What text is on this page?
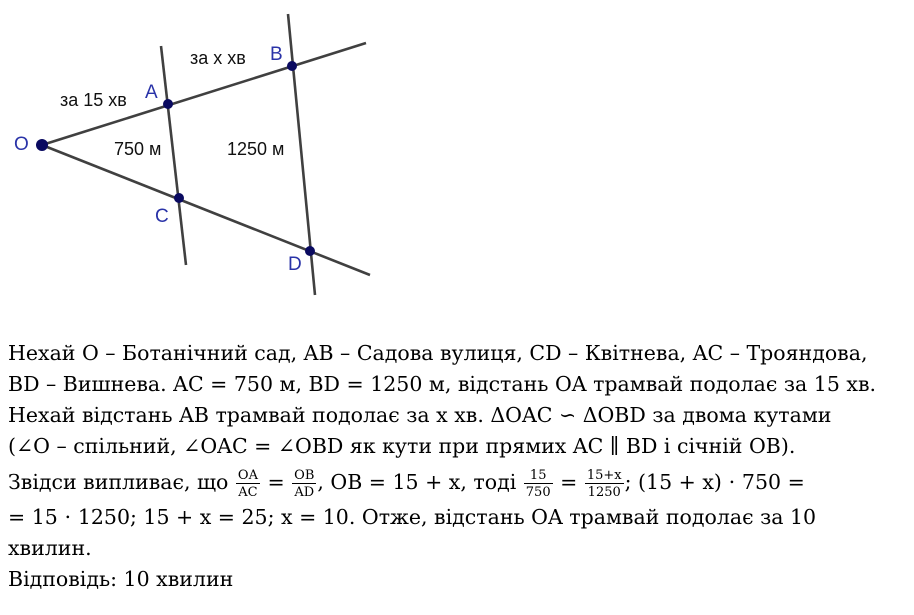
O
A
B
C
D
за 15 хв
за x хв
750 м	1250 м
Нехай O – Ботанічний сад, AB – Садова вулиця, CD – Квітнева, AC – Трояндова,
BD – Вишнева. AC = 750 м, BD = 1250 м, відстань OA трамвай подолає за 15 хв.
Нехай відстань AB трамвай подолає за x хв. ΔOAC ∽ ΔOBD за двома кутами
(∠O – спільний, ∠OAC = ∠OBD як кути при прямих AC ∥ BD і січній OB).
Звідси випливає, що $\frac{OA}{AC} = \frac{OB}{AD}$ , OB = 15 + x, тоді $\frac{15}{750} = \frac{15+x}{1250}$ ; (15 + x) ⋅ 750 =
= 15 ⋅ 1250; 15 + x = 25; x = 10. Отже, відстань OA трамвай подолає за 10
хвилин.
Відповідь: 10 хвилин
